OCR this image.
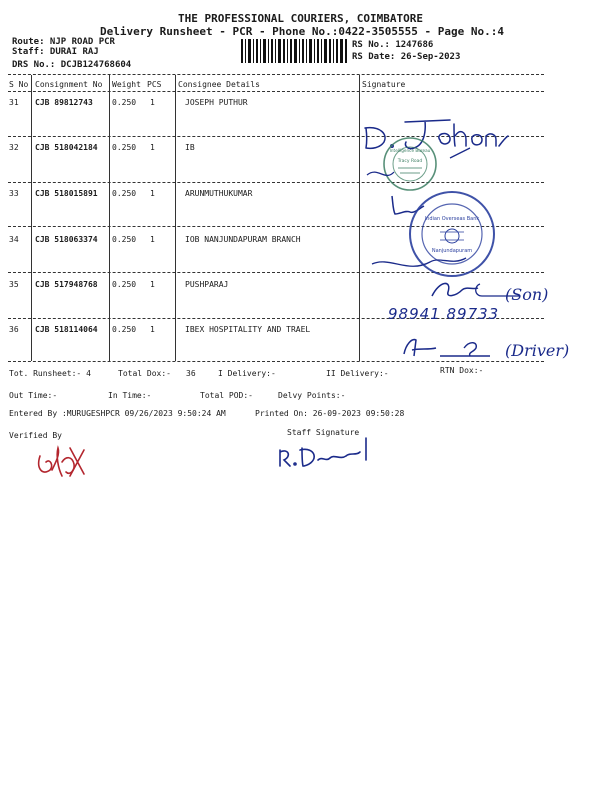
THE PROFESSIONAL COURIERS, COIMBATORE
Delivery Runsheet - PCR - Phone No.:0422-3505555 - Page No.:4
Route: NJP ROAD PCR
Staff: DURAI RAJ
DRS No.: DCJB124768604
RS No.: 1247686
RS Date: 26-Sep-2023
S No Consignment No Weight PCS Consignee Details	Signature
31 CJB 89812743 0.250 1	JOSEPH PUTHUR
32 CJB 518042184 0.250 1	IB
33 CJB 518015891 0.250 1	ARUNMUTHUKUMAR
34 CJB 518063374 0.250 1	IOB NANJUNDAPURAM BRANCH
35 CJB 517948768 0.250 1	PUSHPARAJ
36 CJB 518114064 0.250 1	IBEX HOSPITALITY AND TRAEL
Tot. Runsheet:- 4	Total Dox:- 36	I Delivery:-	II Delivery:-	RTN Dox:-
Out Time:-	In Time:-	Total POD:-	Delvy Points:-
Entered By :MURUGESHPCR 09/26/2023 9:50:24 AM	Printed On: 26-09-2023 09:50:28
Verified By	Staff Signature
Intelligence Bureau
Tracy Road
Indian Overseas Bank
Nanjundapuram
(Son)
98941 89733
(Driver)
